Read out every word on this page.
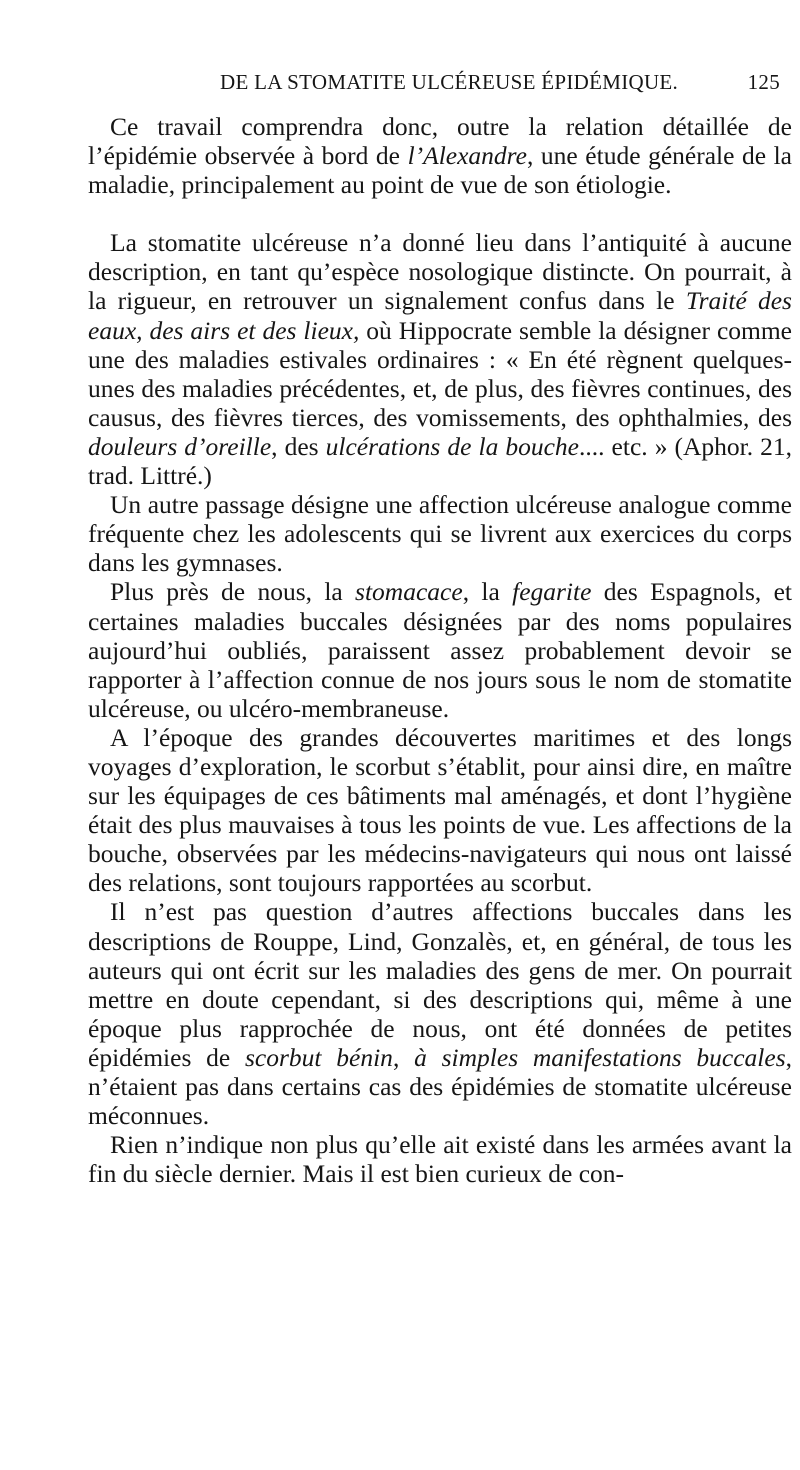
DE LA STOMATITE ULCÉREUSE ÉPIDÉMIQUE.	125

Ce travail comprendra donc, outre la relation détaillée de l’épidémie observée à bord de l’Alexandre, une étude générale de la maladie, principalement au point de vue de son étiologie.

La stomatite ulcéreuse n’a donné lieu dans l’antiquité à aucune description, en tant qu’espèce nosologique distincte. On pourrait, à la rigueur, en retrouver un signalement confus dans le Traité des eaux, des airs et des lieux, où Hippocrate semble la désigner comme une des maladies estivales ordinaires : « En été règnent quelques-unes des maladies précédentes, et, de plus, des fièvres continues, des causus, des fièvres tierces, des vomissements, des ophthalmies, des douleurs d’oreille, des ulcérations de la bouche.... etc. » (Aphor. 21, trad. Littré.)

Un autre passage désigne une affection ulcéreuse analogue comme fréquente chez les adolescents qui se livrent aux exercices du corps dans les gymnases.

Plus près de nous, la stomacace, la fegarite des Espagnols, et certaines maladies buccales désignées par des noms populaires aujourd’hui oubliés, paraissent assez probablement devoir se rapporter à l’affection connue de nos jours sous le nom de stomatite ulcéreuse, ou ulcéro-membraneuse.

A l’époque des grandes découvertes maritimes et des longs voyages d’exploration, le scorbut s’établit, pour ainsi dire, en maître sur les équipages de ces bâtiments mal aménagés, et dont l’hygiène était des plus mauvaises à tous les points de vue. Les affections de la bouche, observées par les médecins-navigateurs qui nous ont laissé des relations, sont toujours rapportées au scorbut.

Il n’est pas question d’autres affections buccales dans les descriptions de Rouppe, Lind, Gonzalès, et, en général, de tous les auteurs qui ont écrit sur les maladies des gens de mer. On pourrait mettre en doute cependant, si des descriptions qui, même à une époque plus rapprochée de nous, ont été données de petites épidémies de scorbut bénin, à simples manifestations buccales, n’étaient pas dans certains cas des épidémies de stomatite ulcéreuse méconnues.

Rien n’indique non plus qu’elle ait existé dans les armées avant la fin du siècle dernier. Mais il est bien curieux de con-
